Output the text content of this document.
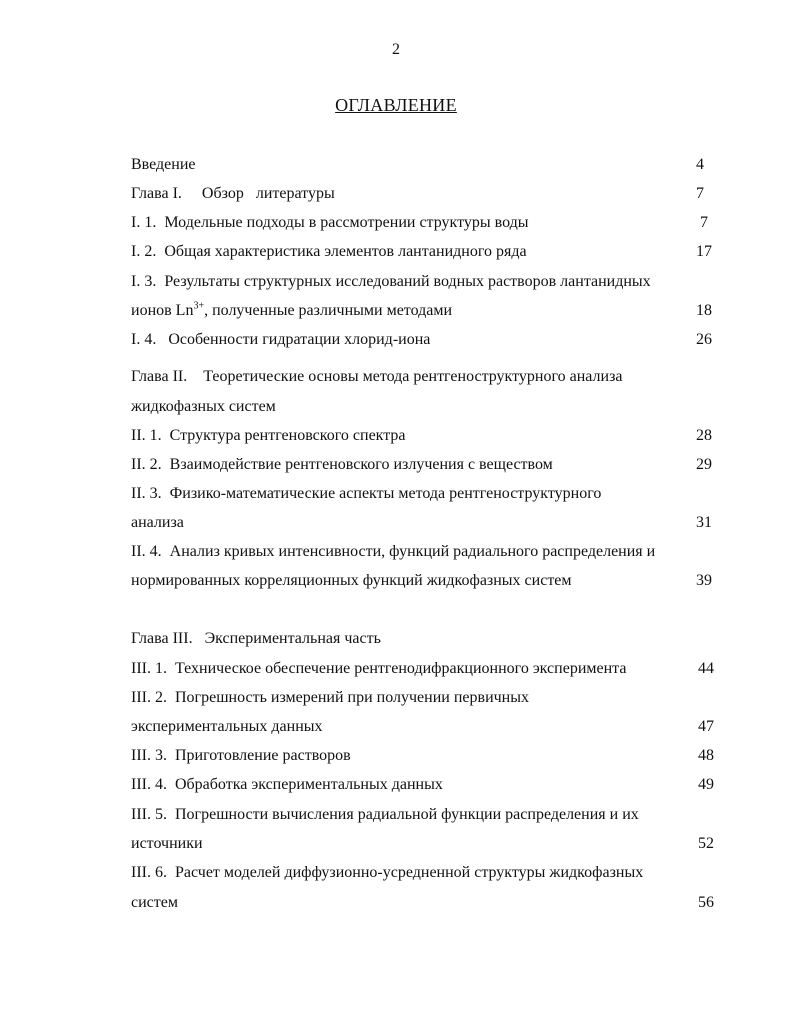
2
ОГЛАВЛЕНИЕ
Введение	4
Глава I.     Обзор   литературы	7
I. 1.  Модельные подходы в рассмотрении структуры воды	7
I. 2.  Общая характеристика элементов лантанидного ряда	17
I. 3.  Результаты структурных исследований водных растворов лантанидных
ионов $Ln^{3+}$, полученные различными методами	18
I. 4.   Особенности гидратации хлорид-иона	26
Глава II.    Теоретические основы метода рентгеноструктурного анализа
жидкофазных систем
II. 1.  Структура рентгеновского спектра	28
II. 2.  Взаимодействие рентгеновского излучения с веществом	29
II. 3.  Физико-математические аспекты метода рентгеноструктурного
анализа	31
II. 4.  Анализ кривых интенсивности, функций радиального распределения и
нормированных корреляционных функций жидкофазных систем	39
Глава III.   Экспериментальная часть
III. 1.  Техническое обеспечение рентгенодифракционного эксперимента	44
III. 2.  Погрешность измерений при получении первичных
экспериментальных данных	47
III. 3.  Приготовление растворов	48
III. 4.  Обработка экспериментальных данных	49
III. 5.  Погрешности вычисления радиальной функции распределения и их
источники	52
III. 6.  Расчет моделей диффузионно-усредненной структуры жидкофазных
систем	56
